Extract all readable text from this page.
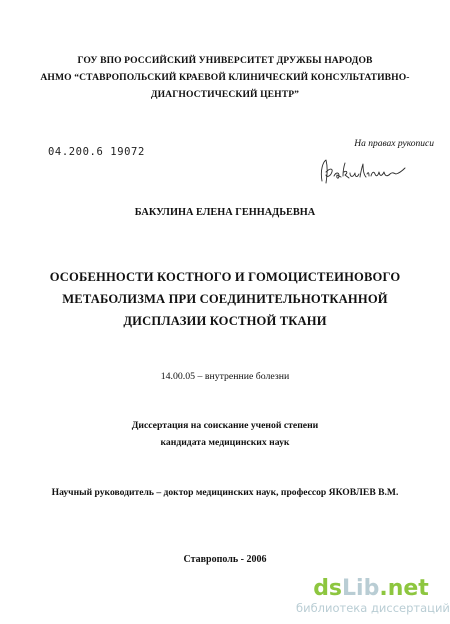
ГОУ ВПО РОССИЙСКИЙ УНИВЕРСИТЕТ ДРУЖБЫ НАРОДОВ
АНМО “СТАВРОПОЛЬСКИЙ КРАЕВОЙ КЛИНИЧЕСКИЙ КОНСУЛЬТАТИВНО-
ДИАГНОСТИЧЕСКИЙ ЦЕНТР”
04.200.6 19072
На правах рукописи
БАКУЛИНА ЕЛЕНА ГЕННАДЬЕВНА
ОСОБЕННОСТИ КОСТНОГО И ГОМОЦИСТЕИНОВОГО
МЕТАБОЛИЗМА ПРИ СОЕДИНИТЕЛЬНОТКАННОЙ
ДИСПЛАЗИИ КОСТНОЙ ТКАНИ
14.00.05 – внутренние болезни
Диссертация на соискание ученой степени
кандидата медицинских наук
Научный руководитель – доктор медицинских наук, профессор ЯКОВЛЕВ В.М.
Ставрополь - 2006
dsLib.net
библиотека диссертаций
